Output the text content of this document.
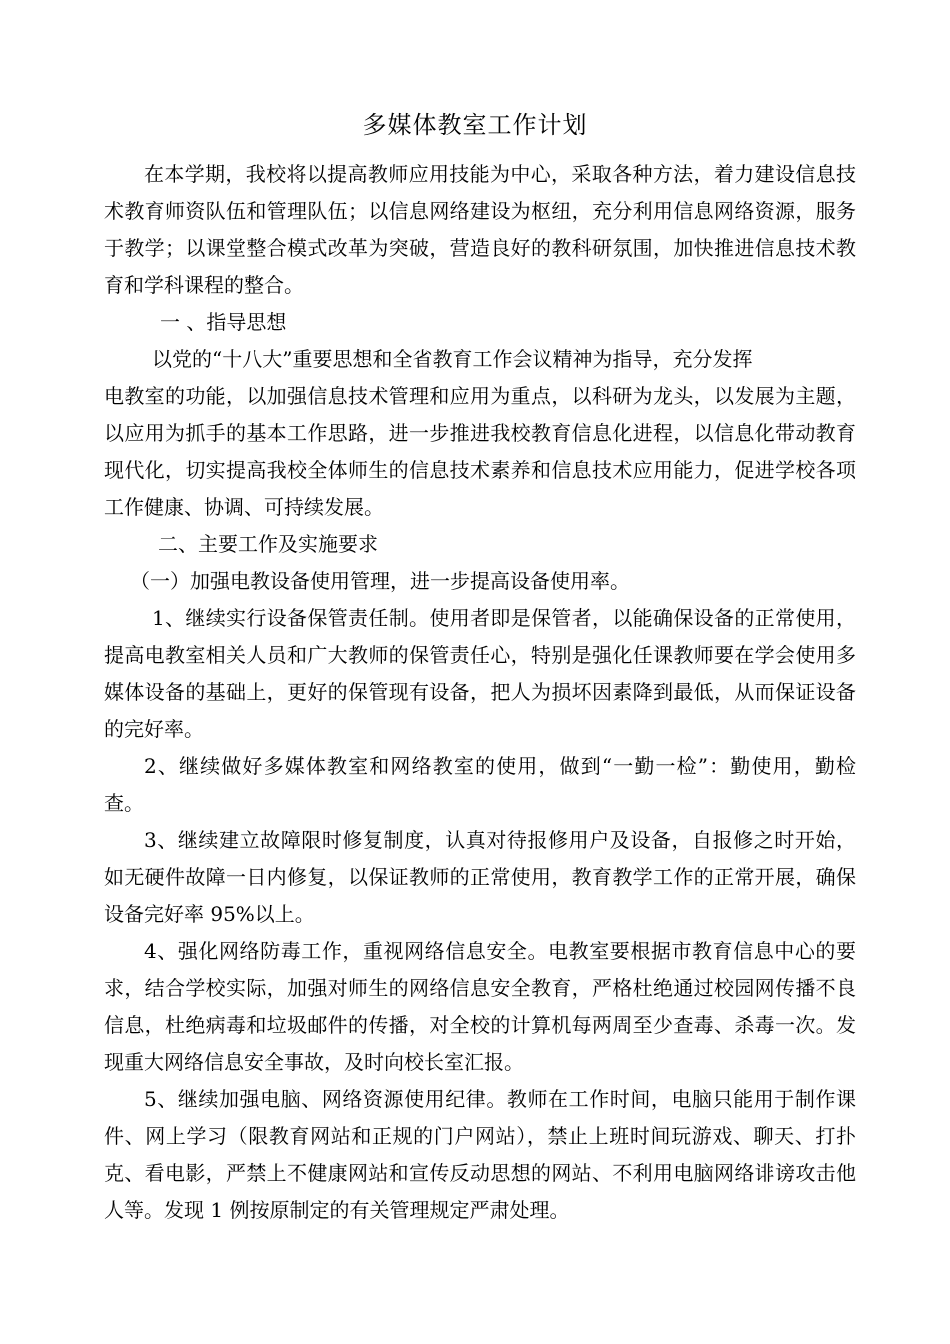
多媒体教室工作计划

在本学期，我校将以提高教师应用技能为中心，采取各种方法，着力建设信息技术教育师资队伍和管理队伍；以信息网络建设为枢纽，充分利用信息网络资源，服务于教学；以课堂整合模式改革为突破，营造良好的教科研氛围，加快推进信息技术教育和学科课程的整合。

一 、指导思想

以党的“十八大”重要思想和全省教育工作会议精神为指导，充分发挥

电教室的功能，以加强信息技术管理和应用为重点，以科研为龙头，以发展为主题，以应用为抓手的基本工作思路，进一步推进我校教育信息化进程，以信息化带动教育现代化，切实提高我校全体师生的信息技术素养和信息技术应用能力，促进学校各项工作健康、协调、可持续发展。

二、主要工作及实施要求

（一）加强电教设备使用管理，进一步提高设备使用率。

1、继续实行设备保管责任制。使用者即是保管者，以能确保设备的正常使用，提高电教室相关人员和广大教师的保管责任心，特别是强化任课教师要在学会使用多媒体设备的基础上，更好的保管现有设备，把人为损坏因素降到最低，从而保证设备的完好率。

2、继续做好多媒体教室和网络教室的使用，做到“一勤一检”：勤使用，勤检查。

3、继续建立故障限时修复制度，认真对待报修用户及设备，自报修之时开始，如无硬件故障一日内修复，以保证教师的正常使用，教育教学工作的正常开展，确保设备完好率 95%以上。

4、强化网络防毒工作，重视网络信息安全。电教室要根据市教育信息中心的要求，结合学校实际，加强对师生的网络信息安全教育，严格杜绝通过校园网传播不良信息，杜绝病毒和垃圾邮件的传播，对全校的计算机每两周至少查毒、杀毒一次。发现重大网络信息安全事故，及时向校长室汇报。

5、继续加强电脑、网络资源使用纪律。教师在工作时间，电脑只能用于制作课件、网上学习（限教育网站和正规的门户网站），禁止上班时间玩游戏、聊天、打扑克、看电影，严禁上不健康网站和宣传反动思想的网站、不利用电脑网络诽谤攻击他人等。发现 1 例按原制定的有关管理规定严肃处理。
